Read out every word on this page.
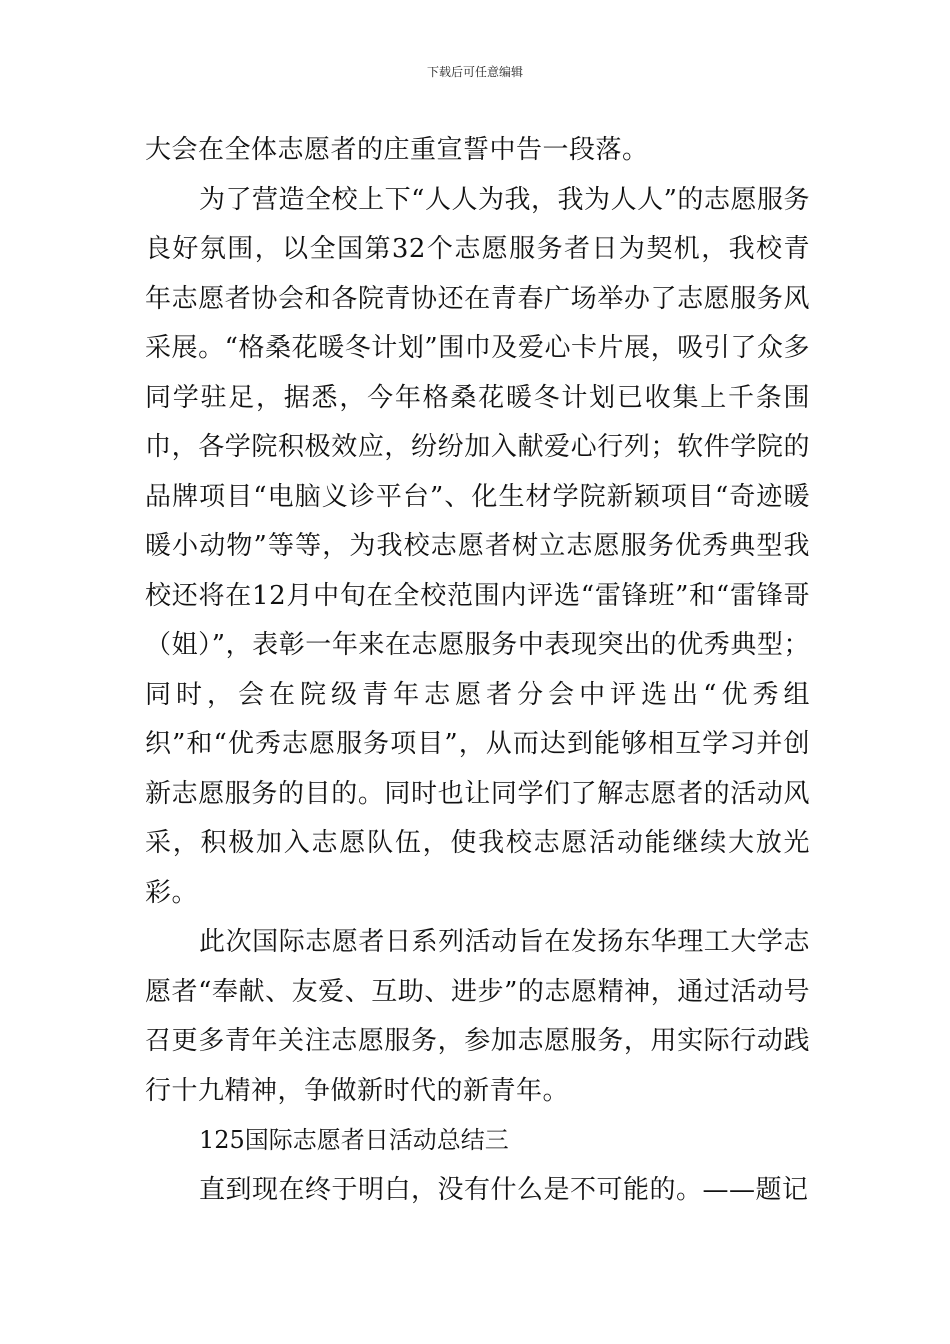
下载后可任意编辑

大会在全体志愿者的庄重宣誓中告一段落。

为了营造全校上下“人人为我，我为人人”的志愿服务良好氛围，以全国第32个志愿服务者日为契机，我校青年志愿者协会和各院青协还在青春广场举办了志愿服务风采展。“格桑花暖冬计划”围巾及爱心卡片展，吸引了众多同学驻足，据悉，今年格桑花暖冬计划已收集上千条围巾，各学院积极效应，纷纷加入献爱心行列；软件学院的品牌项目“电脑义诊平台”、化生材学院新颖项目“奇迹暖暖小动物”等等，为我校志愿者树立志愿服务优秀典型我校还将在12月中旬在全校范围内评选“雷锋班”和“雷锋哥（姐）”，表彰一年来在志愿服务中表现突出的优秀典型；同时，会在院级青年志愿者分会中评选出“优秀组织”和“优秀志愿服务项目”，从而达到能够相互学习并创新志愿服务的目的。同时也让同学们了解志愿者的活动风采，积极加入志愿队伍，使我校志愿活动能继续大放光彩。

此次国际志愿者日系列活动旨在发扬东华理工大学志愿者“奉献、友爱、互助、进步”的志愿精神，通过活动号召更多青年关注志愿服务，参加志愿服务，用实际行动践行十九精神，争做新时代的新青年。

125国际志愿者日活动总结三

直到现在终于明白，没有什么是不可能的。——题记
